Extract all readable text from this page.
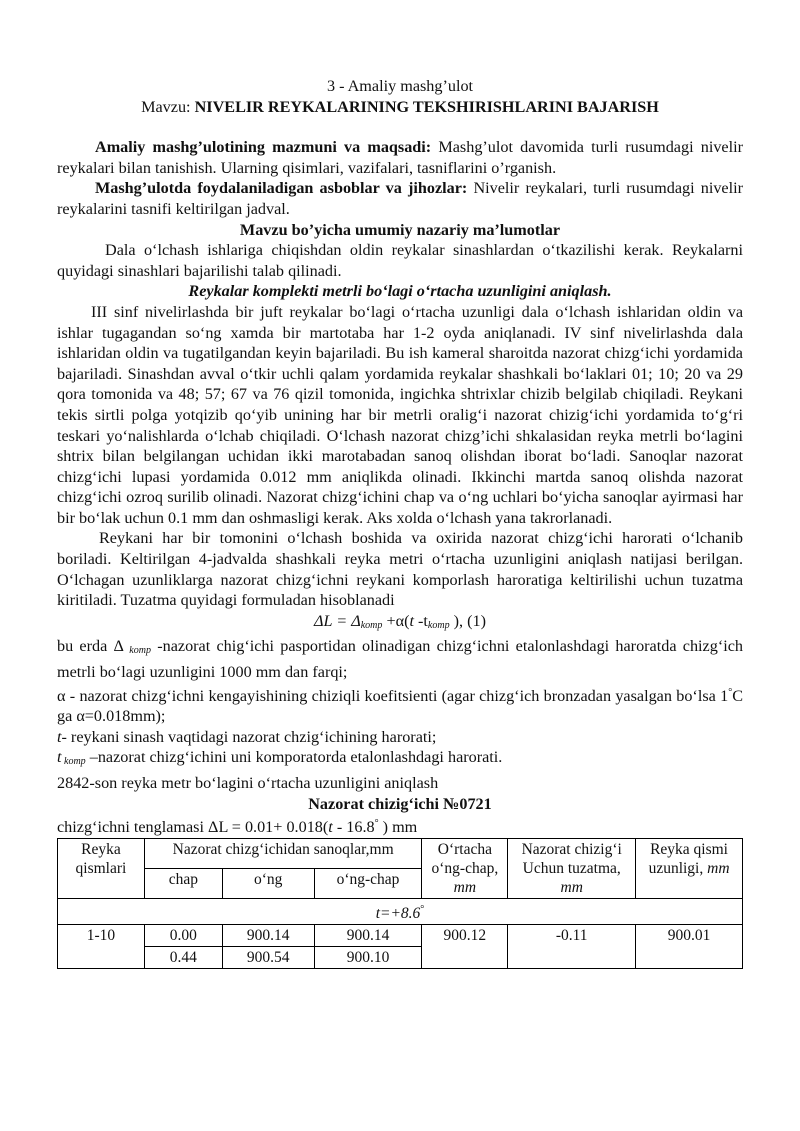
3 - Amaliy mashg’ulot

Mavzu: NIVELIR REYKALARINING TEKSHIRISHLARINI BAJARISH

Amaliy mashg’ulotining mazmuni va maqsadi: Mashg’ulot davomida turli rusumdagi nivelir reykalari bilan tanishish. Ularning qisimlari, vazifalari, tasniflarini o’rganish.

Mashg’ulotda foydalaniladigan asboblar va jihozlar: Nivelir reykalari, turli rusumdagi nivelir reykalarini tasnifi keltirilgan jadval.

Mavzu bo’yicha umumiy nazariy ma’lumotlar

Dala o‘lchash ishlariga chiqishdan oldin reykalar sinashlardan o‘tkazilishi kerak. Reykalarni quyidagi sinashlari bajarilishi talab qilinadi.

Reykalar komplekti metrli bo‘lagi o‘rtacha uzunligini aniqlash.

III sinf nivelirlashda bir juft reykalar bo‘lagi o‘rtacha uzunligi dala o‘lchash ishlaridan oldin va ishlar tugagandan so‘ng xamda bir martotaba har 1-2 oyda aniqlanadi. IV sinf nivelirlashda dala ishlaridan oldin va tugatilgandan keyin bajariladi. Bu ish kameral sharoitda nazorat chizg‘ichi yordamida bajariladi. Sinashdan avval o‘tkir uchli qalam yordamida reykalar shashkali bo‘laklari 01; 10; 20 va 29 qora tomonida va 48; 57; 67 va 76 qizil tomonida, ingichka shtrixlar chizib belgilab chiqiladi. Reykani tekis sirtli polga yotqizib qo‘yib unining har bir metrli oralig‘i nazorat chizig‘ichi yordamida to‘g‘ri teskari yo‘nalishlarda o‘lchab chiqiladi. O‘lchash nazorat chizg’ichi shkalasidan reyka metrli bo‘lagini shtrix bilan belgilangan uchidan ikki marotabadan sanoq olishdan iborat bo‘ladi. Sanoqlar nazorat chizg‘ichi lupasi yordamida 0.012 mm aniqlikda olinadi. Ikkinchi martda sanoq olishda nazorat chizg‘ichi ozroq surilib olinadi. Nazorat chizg‘ichini chap va o‘ng uchlari bo‘yicha sanoqlar ayirmasi har bir bo‘lak uchun 0.1 mm dan oshmasligi kerak. Aks xolda o‘lchash yana takrorlanadi.

Reykani har bir tomonini o‘lchash boshida va oxirida nazorat chizg‘ichi harorati o‘lchanib boriladi. Keltirilgan 4-jadvalda shashkali reyka metri o‘rtacha uzunligini aniqlash natijasi berilgan. O‘lchagan uzunliklarga nazorat chizg‘ichni reykani komporlash haroratiga keltirilishi uchun tuzatma kiritiladi. Tuzatma quyidagi formuladan hisoblanadi

$\Delta L = \Delta_{komp} +\alpha(t$ $-t_{komp}$ ), (1)

bu erda Δ $_{komp}$ -nazorat chig‘ichi pasportidan olinadigan chizg‘ichni etalonlashdagi haroratda chizg‘ich metrli bo‘lagi uzunligini 1000 mm dan farqi;

α - nazorat chizg‘ichni kengayishining chiziqli koefitsienti (agar chizg‘ich bronzadan yasalgan bo‘lsa 1°C ga α=0.018mm);

t- reykani sinash vaqtidagi nazorat chzig‘ichining harorati;

t $_{komp}$ –nazorat chizg‘ichini uni komporatorda etalonlashdagi harorati.

2842-son reyka metr bo‘lagini o‘rtacha uzunligini aniqlash

Nazorat chizig‘ichi №0721

chizg‘ichni tenglamasi ΔL = 0.01+ 0.018(t - 16.8° ) mm

Reyka qismlari	Nazorat chizg‘ichidan sanoqlar,mm			O‘rtacha o‘ng-chap, mm	Nazorat chizig‘i Uchun tuzatma, mm	Reyka qismi uzunligi, mm
	chap	o‘ng	o‘ng-chap			
t=+8.6°
1-10	0.00	900.14	900.14	900.12	-0.11	900.01
	0.44	900.54	900.10			
